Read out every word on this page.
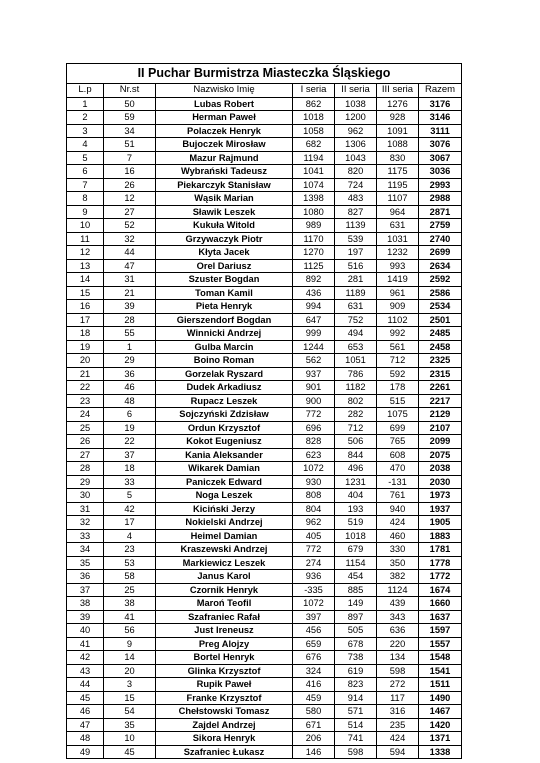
II Puchar Burmistrza Miasteczka Śląskiego						
L.p	Nr.st	Nazwisko Imię	I seria	II seria	III seria	Razem
1	50	Lubas Robert	862	1038	1276	3176
2	59	Herman Paweł	1018	1200	928	3146
3	34	Polaczek Henryk	1058	962	1091	3111
4	51	Bujoczek Mirosław	682	1306	1088	3076
5	7	Mazur Rajmund	1194	1043	830	3067
6	16	Wybrański Tadeusz	1041	820	1175	3036
7	26	Piekarczyk Stanisław	1074	724	1195	2993
8	12	Wąsik Marian	1398	483	1107	2988
9	27	Sławik Leszek	1080	827	964	2871
10	52	Kukuła Witold	989	1139	631	2759
11	32	Grzywaczyk Piotr	1170	539	1031	2740
12	44	Kłyta Jacek	1270	197	1232	2699
13	47	Orel Dariusz	1125	516	993	2634
14	31	Szuster Bogdan	892	281	1419	2592
15	21	Toman Kamil	436	1189	961	2586
16	39	Pieta Henryk	994	631	909	2534
17	28	Gierszendorf Bogdan	647	752	1102	2501
18	55	Winnicki Andrzej	999	494	992	2485
19	1	Gulba Marcin	1244	653	561	2458
20	29	Boino Roman	562	1051	712	2325
21	36	Gorzelak Ryszard	937	786	592	2315
22	46	Dudek Arkadiusz	901	1182	178	2261
23	48	Rupacz Leszek	900	802	515	2217
24	6	Sojczyński Zdzisław	772	282	1075	2129
25	19	Ordun Krzysztof	696	712	699	2107
26	22	Kokot Eugeniusz	828	506	765	2099
27	37	Kania Aleksander	623	844	608	2075
28	18	Wikarek Damian	1072	496	470	2038
29	33	Paniczek Edward	930	1231	-131	2030
30	5	Noga Leszek	808	404	761	1973
31	42	Kiciński Jerzy	804	193	940	1937
32	17	Nokielski Andrzej	962	519	424	1905
33	4	Heimel Damian	405	1018	460	1883
34	23	Kraszewski Andrzej	772	679	330	1781
35	53	Markiewicz Leszek	274	1154	350	1778
36	58	Janus Karol	936	454	382	1772
37	25	Czornik Henryk	-335	885	1124	1674
38	38	Maroń Teofil	1072	149	439	1660
39	41	Szafraniec Rafał	397	897	343	1637
40	56	Just Ireneusz	456	505	636	1597
41	9	Preg Alojzy	659	678	220	1557
42	14	Bortel Henryk	676	738	134	1548
43	20	Glinka Krzysztof	324	619	598	1541
44	3	Rupik Paweł	416	823	272	1511
45	15	Franke Krzysztof	459	914	117	1490
46	54	Chełstowski Tomasz	580	571	316	1467
47	35	Zajdel Andrzej	671	514	235	1420
48	10	Sikora Henryk	206	741	424	1371
49	45	Szafraniec Łukasz	146	598	594	1338
